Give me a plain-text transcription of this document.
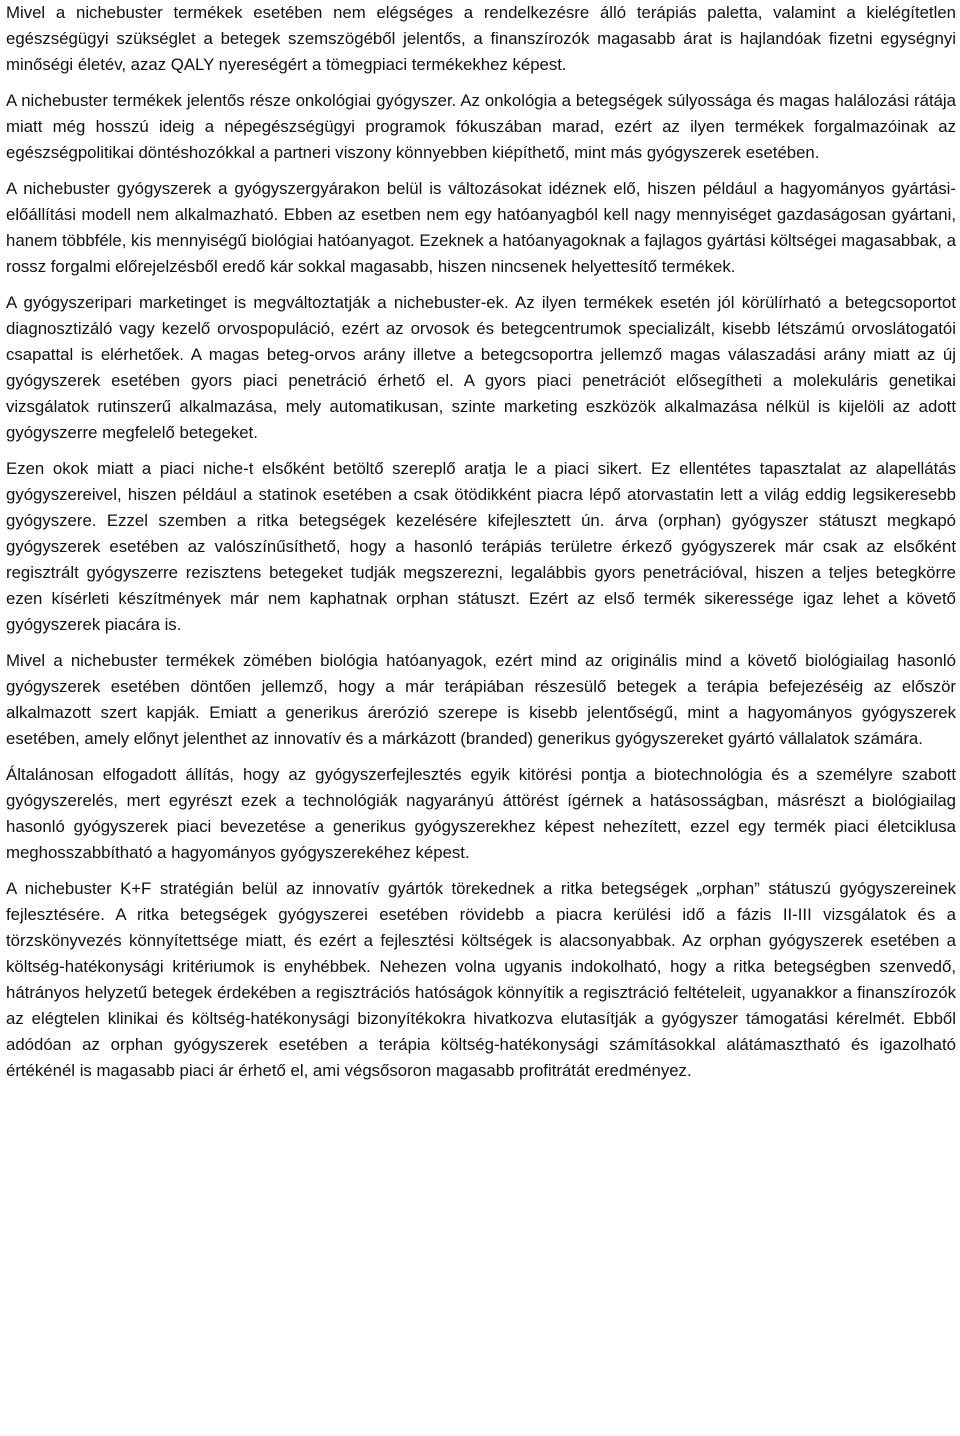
Mivel a nichebuster termékek esetében nem elégséges a rendelkezésre álló terápiás paletta, valamint a kielégítetlen egészségügyi szükséglet a betegek szemszögéből jelentős, a finanszírozók magasabb árat is hajlandóak fizetni egységnyi minőségi életév, azaz QALY nyereségért a tömegpiaci termékekhez képest.

A nichebuster termékek jelentős része onkológiai gyógyszer. Az onkológia a betegségek súlyossága és magas halálozási rátája miatt még hosszú ideig a népegészségügyi programok fókuszában marad, ezért az ilyen termékek forgalmazóinak az egészségpolitikai döntéshozókkal a partneri viszony könnyebben kiépíthető, mint más gyógyszerek esetében.

A nichebuster gyógyszerek a gyógyszergyárakon belül is változásokat idéznek elő, hiszen például a hagyományos gyártási-előállítási modell nem alkalmazható. Ebben az esetben nem egy hatóanyagból kell nagy mennyiséget gazdaságosan gyártani, hanem többféle, kis mennyiségű biológiai hatóanyagot. Ezeknek a hatóanyagoknak a fajlagos gyártási költségei magasabbak, a rossz forgalmi előrejelzésből eredő kár sokkal magasabb, hiszen nincsenek helyettesítő termékek.

A gyógyszeripari marketinget is megváltoztatják a nichebuster-ek. Az ilyen termékek esetén jól körülírható a betegcsoportot diagnosztizáló vagy kezelő orvospopuláció, ezért az orvosok és betegcentrumok specializált, kisebb létszámú orvoslátogatói csapattal is elérhetőek. A magas beteg-orvos arány illetve a betegcsoportra jellemző magas válaszadási arány miatt az új gyógyszerek esetében gyors piaci penetráció érhető el. A gyors piaci penetrációt elősegítheti a molekuláris genetikai vizsgálatok rutinszerű alkalmazása, mely automatikusan, szinte marketing eszközök alkalmazása nélkül is kijelöli az adott gyógyszerre megfelelő betegeket.

Ezen okok miatt a piaci niche-t elsőként betöltő szereplő aratja le a piaci sikert. Ez ellentétes tapasztalat az alapellátás gyógyszereivel, hiszen például a statinok esetében a csak ötödikként piacra lépő atorvastatin lett a világ eddig legsikeresebb gyógyszere. Ezzel szemben a ritka betegségek kezelésére kifejlesztett ún. árva (orphan) gyógyszer státuszt megkapó gyógyszerek esetében az valószínűsíthető, hogy a hasonló terápiás területre érkező gyógyszerek már csak az elsőként regisztrált gyógyszerre rezisztens betegeket tudják megszerezni, legalábbis gyors penetrációval, hiszen a teljes betegkörre ezen kísérleti készítmények már nem kaphatnak orphan státuszt. Ezért az első termék sikeressége igaz lehet a követő gyógyszerek piacára is.

Mivel a nichebuster termékek zömében biológia hatóanyagok, ezért mind az originális mind a követő biológiailag hasonló gyógyszerek esetében döntően jellemző, hogy a már terápiában részesülő betegek a terápia befejezéséig az először alkalmazott szert kapják. Emiatt a generikus árerózió szerepe is kisebb jelentőségű, mint a hagyományos gyógyszerek esetében, amely előnyt jelenthet az innovatív és a márkázott (branded) generikus gyógyszereket gyártó vállalatok számára.

Általánosan elfogadott állítás, hogy az gyógyszerfejlesztés egyik kitörési pontja a biotechnológia és a személyre szabott gyógyszerelés, mert egyrészt ezek a technológiák nagyarányú áttörést ígérnek a hatásosságban, másrészt a biológiailag hasonló gyógyszerek piaci bevezetése a generikus gyógyszerekhez képest nehezített, ezzel egy termék piaci életciklusa meghosszabbítható a hagyományos gyógyszerekéhez képest.

A nichebuster K+F stratégián belül az innovatív gyártók törekednek a ritka betegségek „orphan” státuszú gyógyszereinek fejlesztésére. A ritka betegségek gyógyszerei esetében rövidebb a piacra kerülési idő a fázis II-III vizsgálatok és a törzskönyvezés könnyítettsége miatt, és ezért a fejlesztési költségek is alacsonyabbak. Az orphan gyógyszerek esetében a költség-hatékonysági kritériumok is enyhébbek. Nehezen volna ugyanis indokolható, hogy a ritka betegségben szenvedő, hátrányos helyzetű betegek érdekében a regisztrációs hatóságok könnyítik a regisztráció feltételeit, ugyanakkor a finanszírozók az elégtelen klinikai és költség-hatékonysági bizonyítékokra hivatkozva elutasítják a gyógyszer támogatási kérelmét. Ebből adódóan az orphan gyógyszerek esetében a terápia költség-hatékonysági számításokkal alátámasztható és igazolható értékénél is magasabb piaci ár érhető el, ami végsősoron magasabb profitrátát eredményez.
